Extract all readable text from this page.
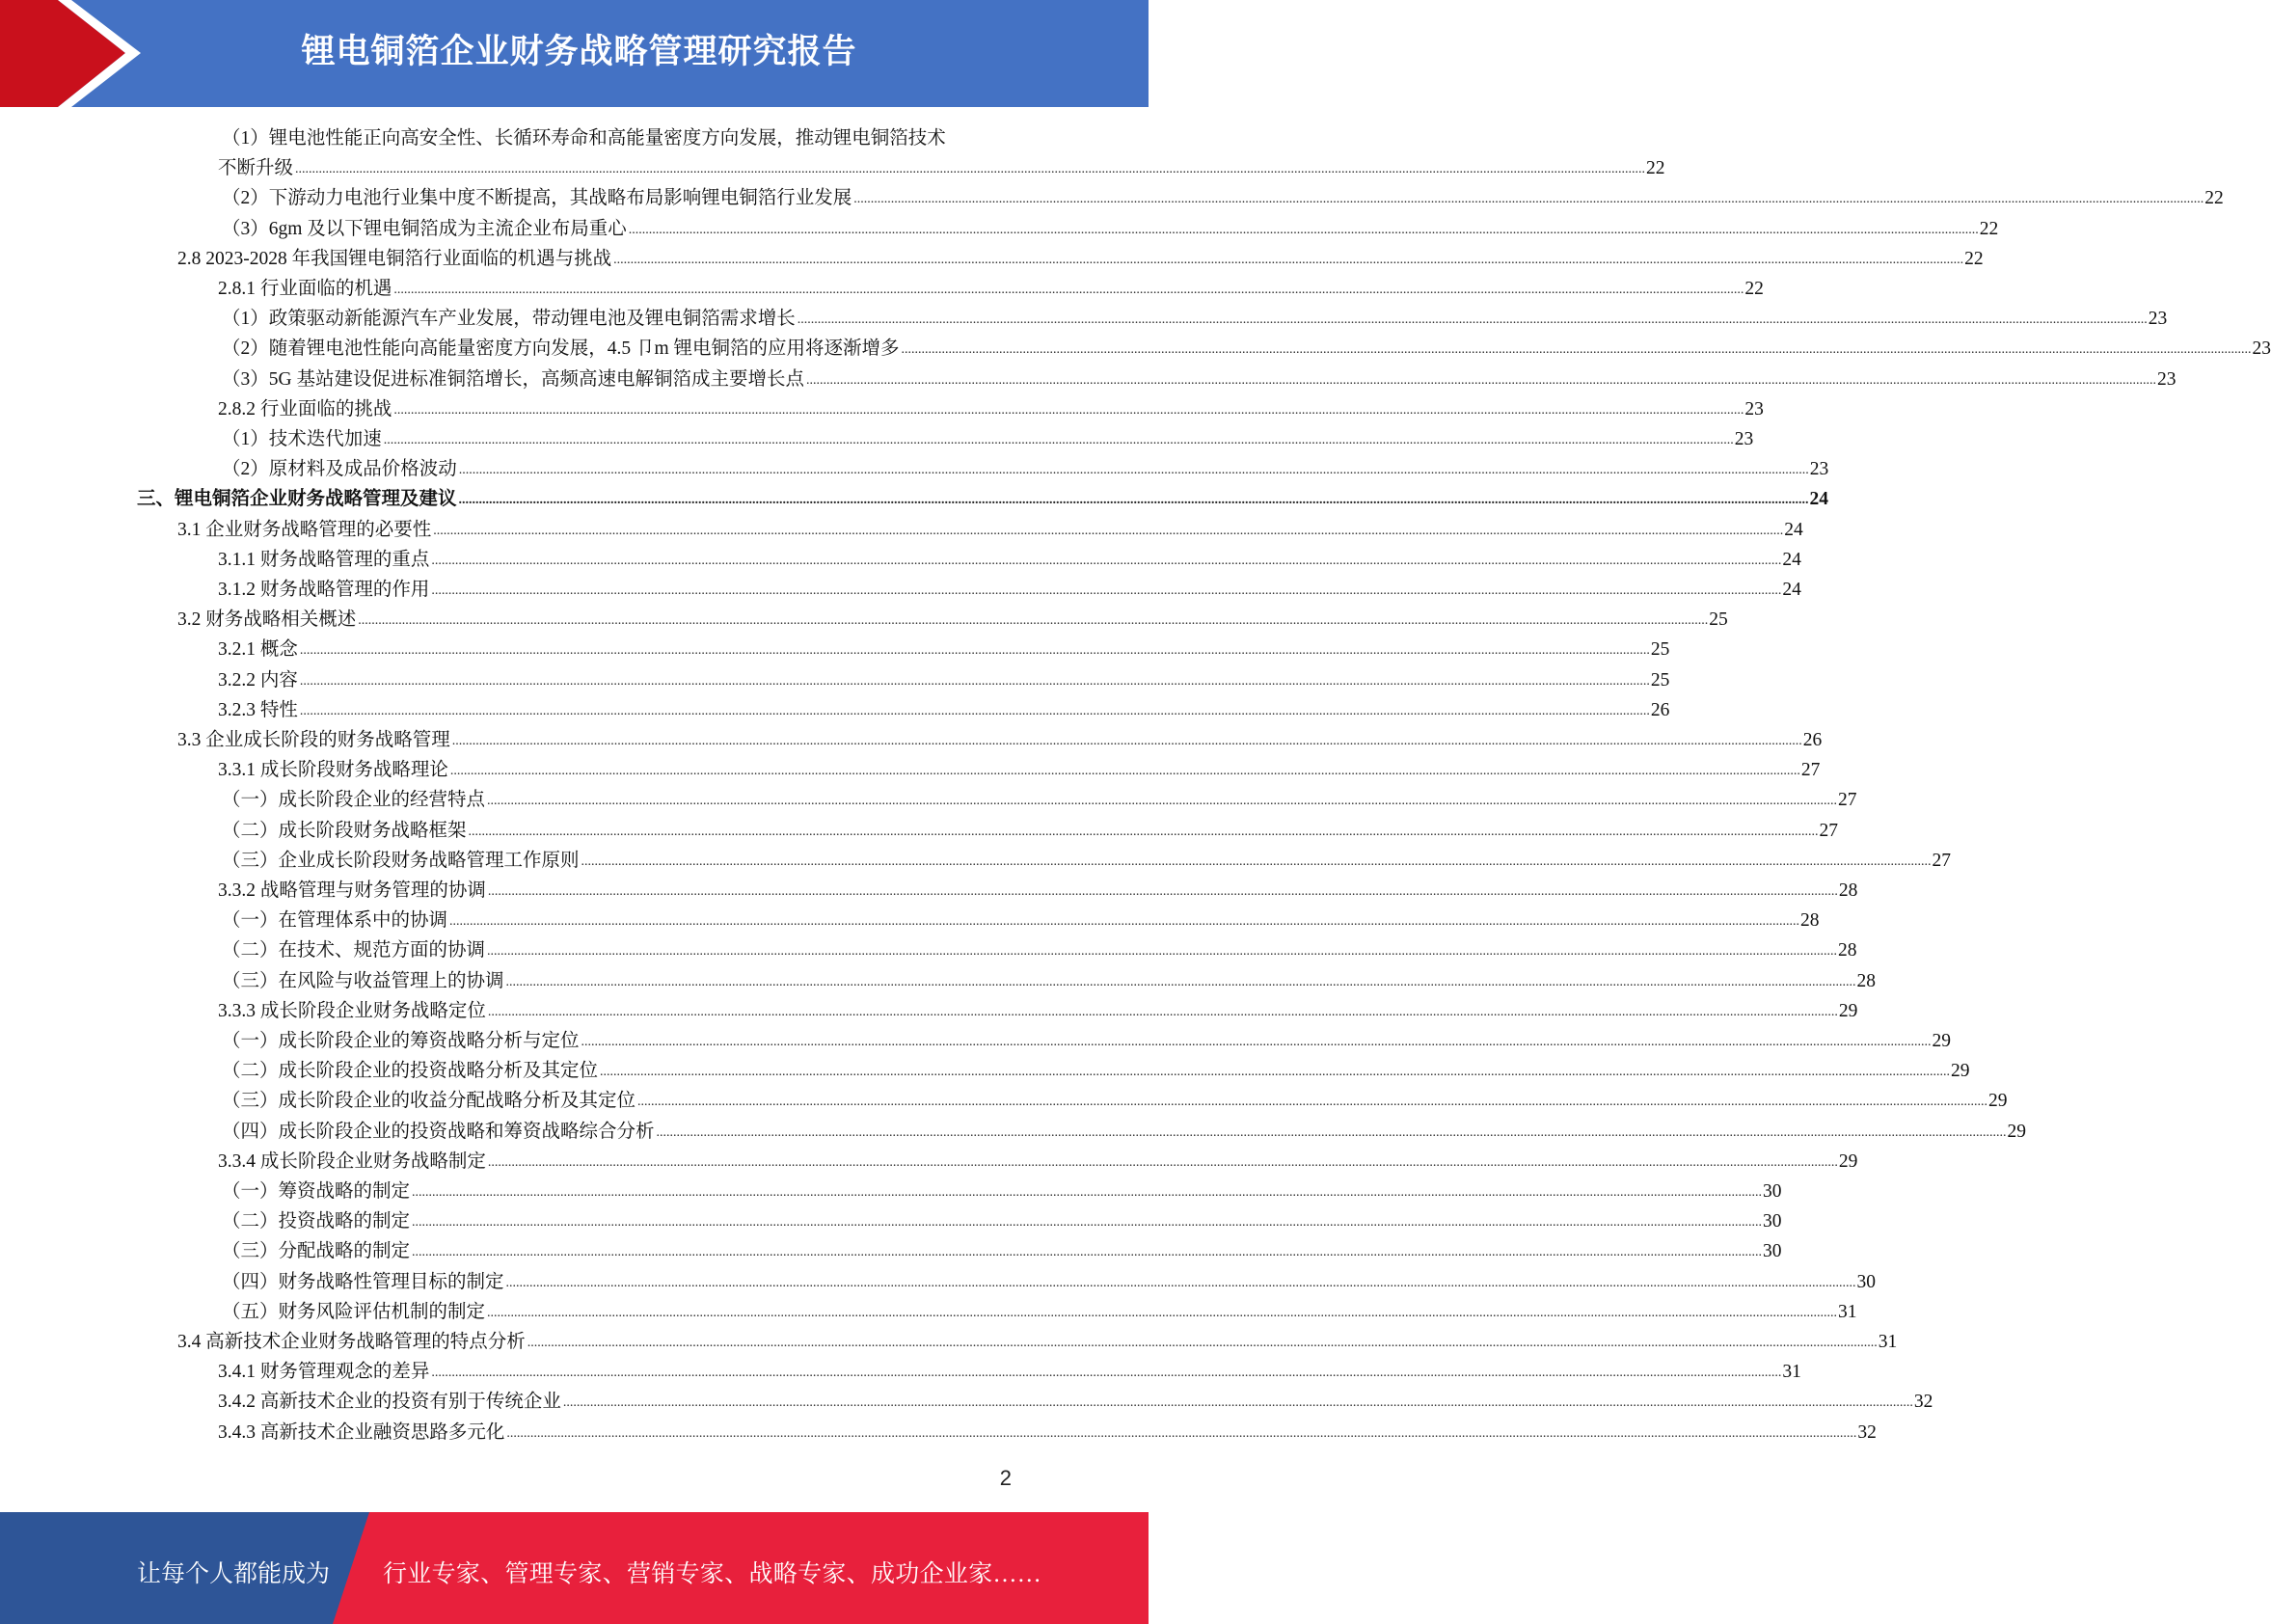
锂电铜箔企业财务战略管理研究报告
（1）锂电池性能正向高安全性、长循环寿命和高能量密度方向发展，推动锂电铜箔技术
不断升级 ................................................................................................................................................................................................................................................................................................................................................................................................................ 22
（2）下游动力电池行业集中度不断提高，其战略布局影响锂电铜箔行业发展 ................................................................................................................................................................................................................................................................................................................................................................................................................ 22
（3）6gm 及以下锂电铜箔成为主流企业布局重心 ................................................................................................................................................................................................................................................................................................................................................................................................................ 22
2.8 2023-2028 年我国锂电铜箔行业面临的机遇与挑战 ................................................................................................................................................................................................................................................................................................................................................................................................................ 22
2.8.1 行业面临的机遇 ................................................................................................................................................................................................................................................................................................................................................................................................................ 22
（1）政策驱动新能源汽车产业发展，带动锂电池及锂电铜箔需求增长 ................................................................................................................................................................................................................................................................................................................................................................................................................ 23
（2）随着锂电池性能向高能量密度方向发展，4.5 卩m 锂电铜箔的应用将逐渐增多 ................................................................................................................................................................................................................................................................................................................................................................................................................ 23
（3）5G 基站建设促进标准铜箔增长，高频高速电解铜箔成主要增长点 ................................................................................................................................................................................................................................................................................................................................................................................................................ 23
2.8.2 行业面临的挑战 ................................................................................................................................................................................................................................................................................................................................................................................................................ 23
（1）技术迭代加速 ................................................................................................................................................................................................................................................................................................................................................................................................................ 23
（2）原材料及成品价格波动 ................................................................................................................................................................................................................................................................................................................................................................................................................ 23
三、锂电铜箔企业财务战略管理及建议 ................................................................................................................................................................................................................................................................................................................................................................................................................ 24
3.1 企业财务战略管理的必要性 ................................................................................................................................................................................................................................................................................................................................................................................................................ 24
3.1.1 财务战略管理的重点 ................................................................................................................................................................................................................................................................................................................................................................................................................ 24
3.1.2 财务战略管理的作用 ................................................................................................................................................................................................................................................................................................................................................................................................................ 24
3.2 财务战略相关概述 ................................................................................................................................................................................................................................................................................................................................................................................................................ 25
3.2.1 概念 ................................................................................................................................................................................................................................................................................................................................................................................................................ 25
3.2.2 内容 ................................................................................................................................................................................................................................................................................................................................................................................................................ 25
3.2.3 特性 ................................................................................................................................................................................................................................................................................................................................................................................................................ 26
3.3 企业成长阶段的财务战略管理 ................................................................................................................................................................................................................................................................................................................................................................................................................ 26
3.3.1 成长阶段财务战略理论 ................................................................................................................................................................................................................................................................................................................................................................................................................ 27
（一）成长阶段企业的经营特点 ................................................................................................................................................................................................................................................................................................................................................................................................................ 27
（二）成长阶段财务战略框架 ................................................................................................................................................................................................................................................................................................................................................................................................................ 27
（三）企业成长阶段财务战略管理工作原则 ................................................................................................................................................................................................................................................................................................................................................................................................................ 27
3.3.2 战略管理与财务管理的协调 ................................................................................................................................................................................................................................................................................................................................................................................................................ 28
（一）在管理体系中的协调 ................................................................................................................................................................................................................................................................................................................................................................................................................ 28
（二）在技术、规范方面的协调 ................................................................................................................................................................................................................................................................................................................................................................................................................ 28
（三）在风险与收益管理上的协调 ................................................................................................................................................................................................................................................................................................................................................................................................................ 28
3.3.3 成长阶段企业财务战略定位 ................................................................................................................................................................................................................................................................................................................................................................................................................ 29
（一）成长阶段企业的筹资战略分析与定位 ................................................................................................................................................................................................................................................................................................................................................................................................................ 29
（二）成长阶段企业的投资战略分析及其定位 ................................................................................................................................................................................................................................................................................................................................................................................................................ 29
（三）成长阶段企业的收益分配战略分析及其定位 ................................................................................................................................................................................................................................................................................................................................................................................................................ 29
（四）成长阶段企业的投资战略和筹资战略综合分析 ................................................................................................................................................................................................................................................................................................................................................................................................................ 29
3.3.4 成长阶段企业财务战略制定 ................................................................................................................................................................................................................................................................................................................................................................................................................ 29
（一）筹资战略的制定 ................................................................................................................................................................................................................................................................................................................................................................................................................ 30
（二）投资战略的制定 ................................................................................................................................................................................................................................................................................................................................................................................................................ 30
（三）分配战略的制定 ................................................................................................................................................................................................................................................................................................................................................................................................................ 30
（四）财务战略性管理目标的制定 ................................................................................................................................................................................................................................................................................................................................................................................................................ 30
（五）财务风险评估机制的制定 ................................................................................................................................................................................................................................................................................................................................................................................................................ 31
3.4 高新技术企业财务战略管理的特点分析 ................................................................................................................................................................................................................................................................................................................................................................................................................ 31
3.4.1 财务管理观念的差异 ................................................................................................................................................................................................................................................................................................................................................................................................................ 31
3.4.2 高新技术企业的投资有别于传统企业 ................................................................................................................................................................................................................................................................................................................................................................................................................ 32
3.4.3 高新技术企业融资思路多元化 ................................................................................................................................................................................................................................................................................................................................................................................................................ 32
2
让每个人都能成为 行业专家、管理专家、营销专家、战略专家、成功企业家……
